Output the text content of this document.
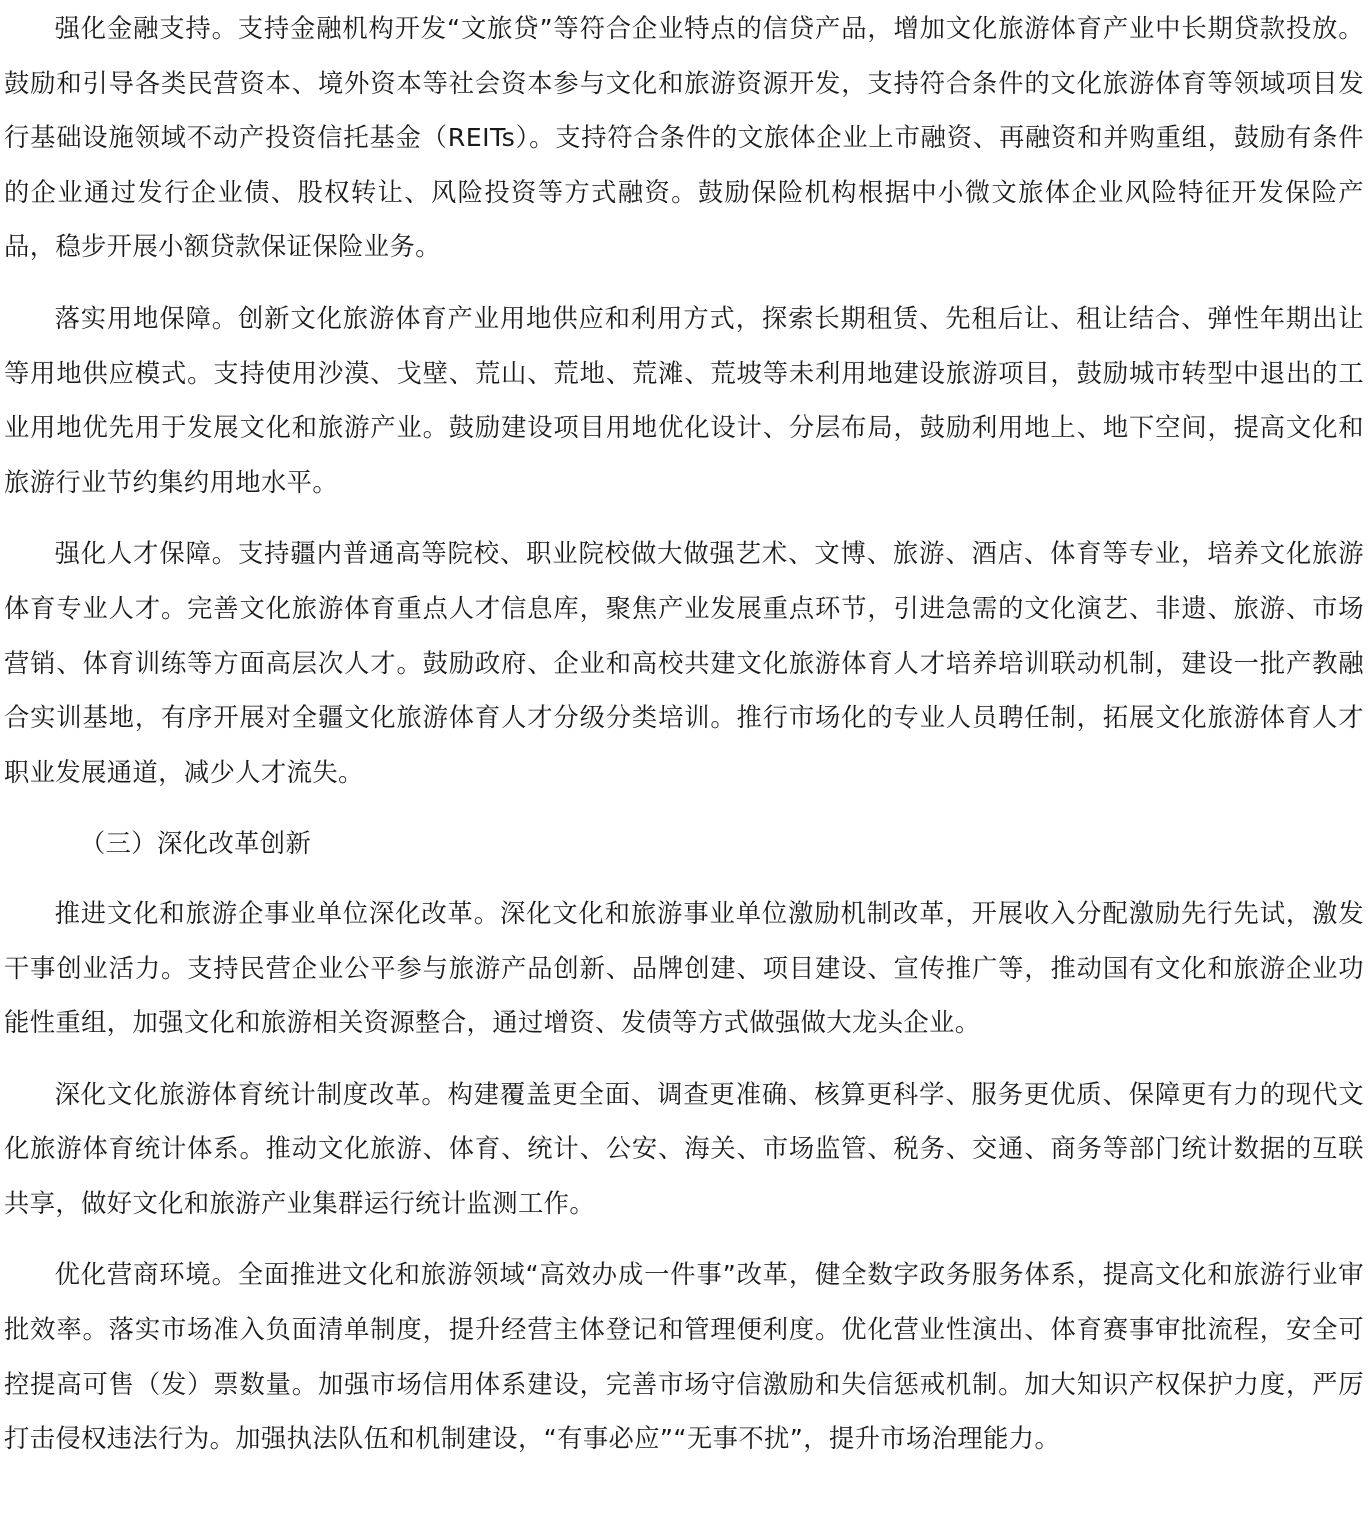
强化金融支持。支持金融机构开发“文旅贷”等符合企业特点的信贷产品，增加文化旅游体育产业中长期贷款投放。鼓励和引导各类民营资本、境外资本等社会资本参与文化和旅游资源开发，支持符合条件的文化旅游体育等领域项目发行基础设施领域不动产投资信托基金（REITs）。支持符合条件的文旅体企业上市融资、再融资和并购重组，鼓励有条件的企业通过发行企业债、股权转让、风险投资等方式融资。鼓励保险机构根据中小微文旅体企业风险特征开发保险产品，稳步开展小额贷款保证保险业务。

落实用地保障。创新文化旅游体育产业用地供应和利用方式，探索长期租赁、先租后让、租让结合、弹性年期出让等用地供应模式。支持使用沙漠、戈壁、荒山、荒地、荒滩、荒坡等未利用地建设旅游项目，鼓励城市转型中退出的工业用地优先用于发展文化和旅游产业。鼓励建设项目用地优化设计、分层布局，鼓励利用地上、地下空间，提高文化和旅游行业节约集约用地水平。

强化人才保障。支持疆内普通高等院校、职业院校做大做强艺术、文博、旅游、酒店、体育等专业，培养文化旅游体育专业人才。完善文化旅游体育重点人才信息库，聚焦产业发展重点环节，引进急需的文化演艺、非遗、旅游、市场营销、体育训练等方面高层次人才。鼓励政府、企业和高校共建文化旅游体育人才培养培训联动机制，建设一批产教融合实训基地，有序开展对全疆文化旅游体育人才分级分类培训。推行市场化的专业人员聘任制，拓展文化旅游体育人才职业发展通道，减少人才流失。

（三）深化改革创新

推进文化和旅游企事业单位深化改革。深化文化和旅游事业单位激励机制改革，开展收入分配激励先行先试，激发干事创业活力。支持民营企业公平参与旅游产品创新、品牌创建、项目建设、宣传推广等，推动国有文化和旅游企业功能性重组，加强文化和旅游相关资源整合，通过增资、发债等方式做强做大龙头企业。

深化文化旅游体育统计制度改革。构建覆盖更全面、调查更准确、核算更科学、服务更优质、保障更有力的现代文化旅游体育统计体系。推动文化旅游、体育、统计、公安、海关、市场监管、税务、交通、商务等部门统计数据的互联共享，做好文化和旅游产业集群运行统计监测工作。

优化营商环境。全面推进文化和旅游领域“高效办成一件事”改革，健全数字政务服务体系，提高文化和旅游行业审批效率。落实市场准入负面清单制度，提升经营主体登记和管理便利度。优化营业性演出、体育赛事审批流程，安全可控提高可售（发）票数量。加强市场信用体系建设，完善市场守信激励和失信惩戒机制。加大知识产权保护力度，严厉打击侵权违法行为。加强执法队伍和机制建设，“有事必应”“无事不扰”，提升市场治理能力。
